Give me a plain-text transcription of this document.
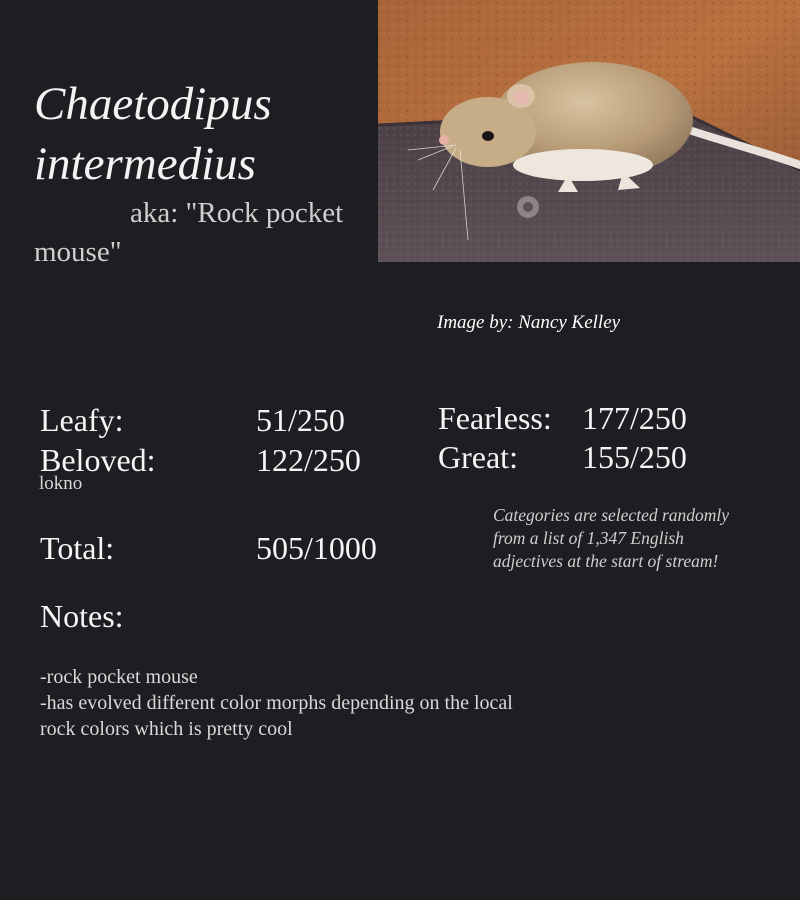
Chaetodipus intermedius
aka: "Rock pocket mouse"
Image by: Nancy Kelley
Leafy:	51/250
Beloved:	122/250
lokno
Total:	505/1000
Fearless: 177/250
Great: 155/250
Categories are selected randomly from a list of 1,347 English adjectives at the start of stream!
Notes:
-rock pocket mouse
-has evolved different color morphs depending on the local rock colors which is pretty cool
